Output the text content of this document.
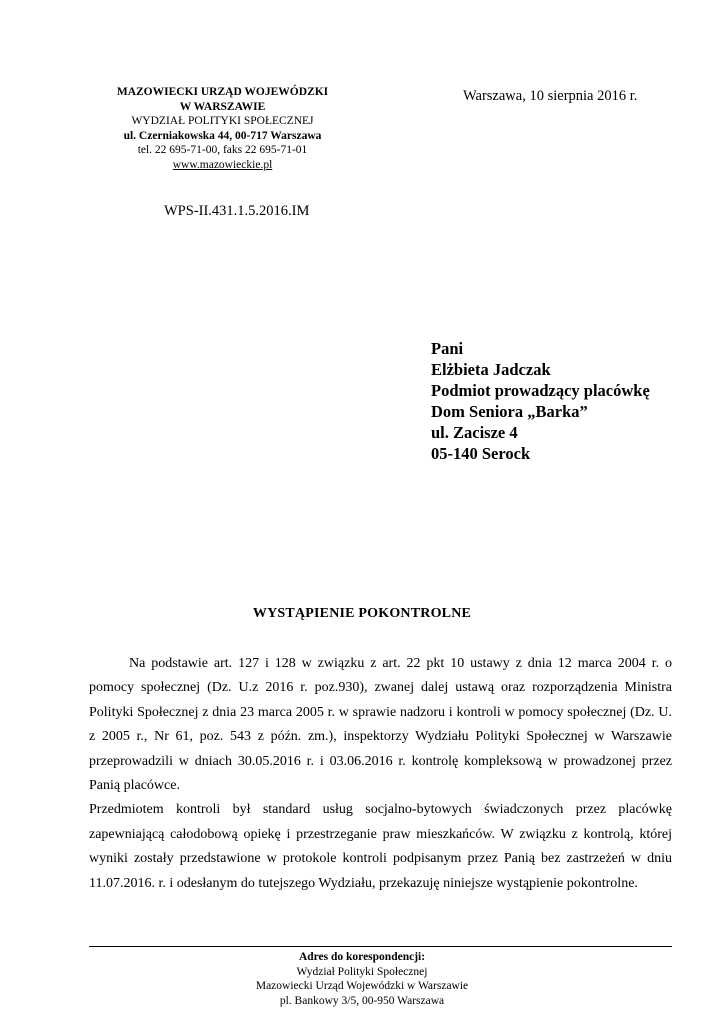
MAZOWIECKI URZĄD WOJEWÓDZKI
W WARSZAWIE
WYDZIAŁ POLITYKI SPOŁECZNEJ
ul. Czerniakowska 44, 00-717 Warszawa
tel. 22 695-71-00, faks 22 695-71-01
www.mazowieckie.pl
Warszawa, 10 sierpnia 2016 r.
WPS-II.431.1.5.2016.IM
Pani
Elżbieta Jadczak
Podmiot prowadzący placówkę
Dom Seniora „Barka”
ul. Zacisze 4
05-140 Serock
WYSTĄPIENIE POKONTROLNE

Na podstawie art. 127 i 128 w związku z art. 22 pkt 10 ustawy z dnia 12 marca 2004 r. o pomocy społecznej (Dz. U.z 2016 r. poz.930), zwanej dalej ustawą oraz rozporządzenia Ministra Polityki Społecznej z dnia 23 marca 2005 r. w sprawie nadzoru i kontroli w pomocy społecznej (Dz. U. z 2005 r., Nr 61, poz. 543 z późn. zm.), inspektorzy Wydziału Polityki Społecznej w Warszawie przeprowadzili w dniach 30.05.2016 r. i 03.06.2016 r. kontrolę kompleksową w prowadzonej przez Panią placówce.

Przedmiotem kontroli był standard usług socjalno-bytowych świadczonych przez placówkę zapewniającą całodobową opiekę i przestrzeganie praw mieszkańców. W związku z kontrolą, której wyniki zostały przedstawione w protokole kontroli podpisanym przez Panią bez zastrzeżeń w dniu 11.07.2016. r. i odesłanym do tutejszego Wydziału, przekazuję niniejsze wystąpienie pokontrolne.

Adres do korespondencji:
Wydział Polityki Społecznej
Mazowiecki Urząd Wojewódzki w Warszawie
pl. Bankowy 3/5, 00-950 Warszawa
